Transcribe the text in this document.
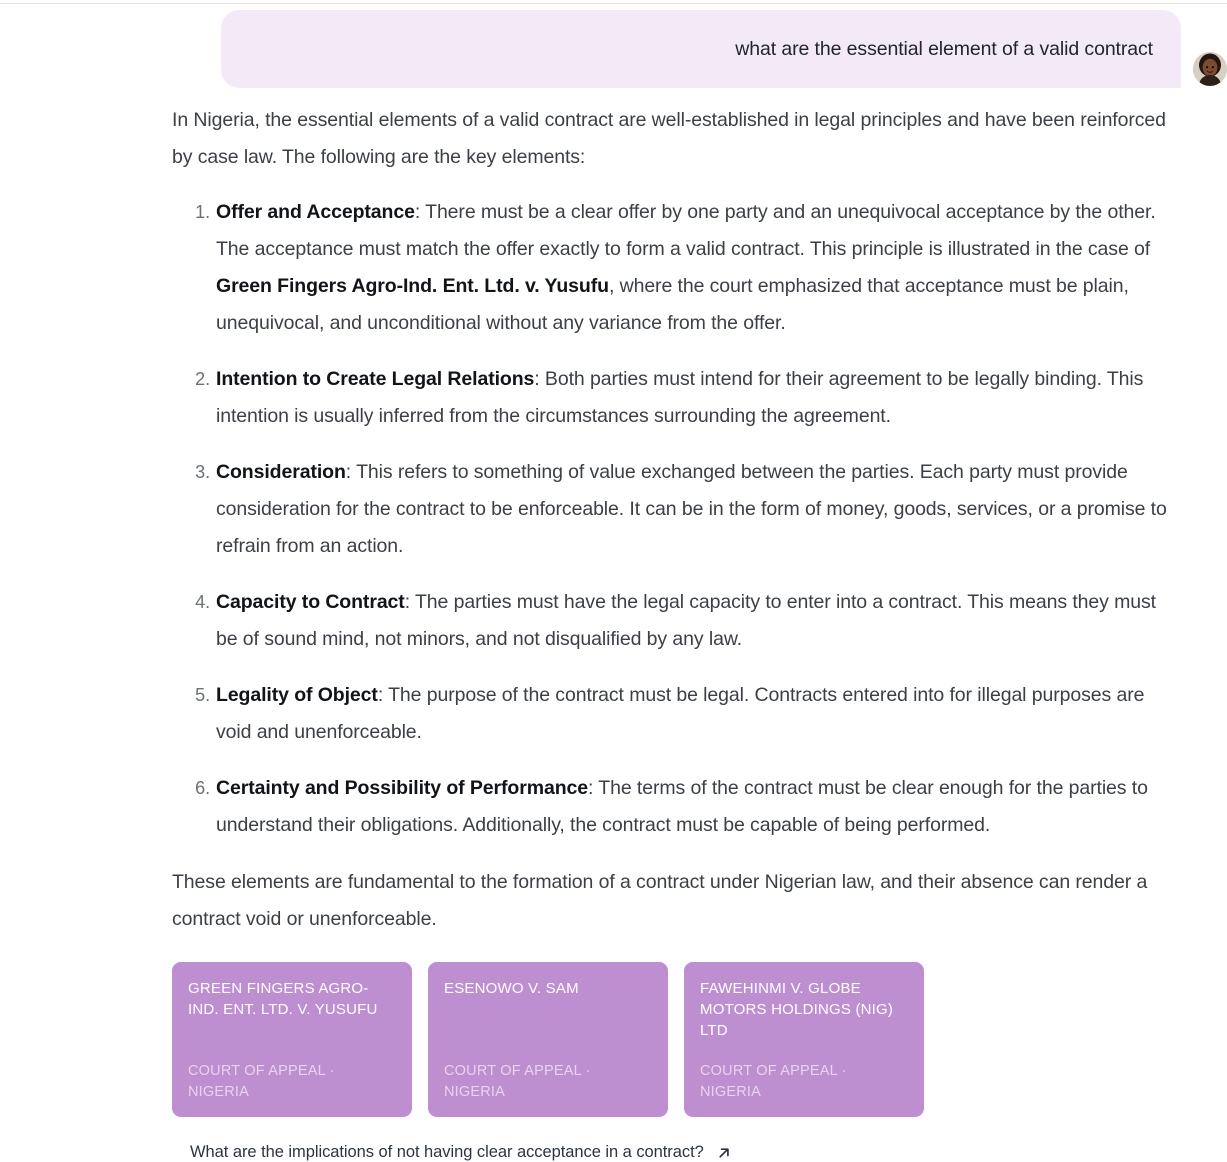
what are the essential element of a valid contract

In Nigeria, the essential elements of a valid contract are well-established in legal principles and have been reinforced by case law. The following are the key elements:

Offer and Acceptance: There must be a clear offer by one party and an unequivocal acceptance by the other. The acceptance must match the offer exactly to form a valid contract. This principle is illustrated in the case of Green Fingers Agro-Ind. Ent. Ltd. v. Yusufu, where the court emphasized that acceptance must be plain, unequivocal, and unconditional without any variance from the offer.
Intention to Create Legal Relations: Both parties must intend for their agreement to be legally binding. This intention is usually inferred from the circumstances surrounding the agreement.
Consideration: This refers to something of value exchanged between the parties. Each party must provide consideration for the contract to be enforceable. It can be in the form of money, goods, services, or a promise to refrain from an action.
Capacity to Contract: The parties must have the legal capacity to enter into a contract. This means they must be of sound mind, not minors, and not disqualified by any law.
Legality of Object: The purpose of the contract must be legal. Contracts entered into for illegal purposes are void and unenforceable.
Certainty and Possibility of Performance: The terms of the contract must be clear enough for the parties to understand their obligations. Additionally, the contract must be capable of being performed.

These elements are fundamental to the formation of a contract under Nigerian law, and their absence can render a contract void or unenforceable.

GREEN FINGERS AGRO-IND. ENT. LTD. V. YUSUFU
COURT OF APPEAL · NIGERIA
ESENOWO V. SAM
COURT OF APPEAL · NIGERIA
FAWEHINMI V. GLOBE MOTORS HOLDINGS (NIG) LTD
COURT OF APPEAL · NIGERIA
What are the implications of not having clear acceptance in a contract?
